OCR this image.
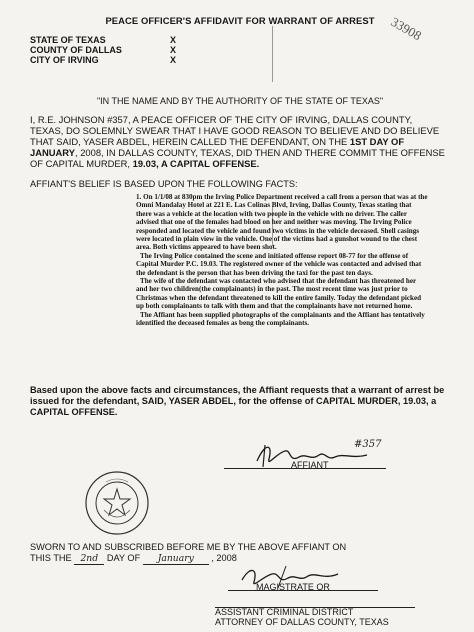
PEACE OFFICER'S AFFIDAVIT FOR WARRANT OF ARREST	33908
STATE OF TEXAS	X
COUNTY OF DALLAS	X
CITY OF IRVING	X
"IN THE NAME AND BY THE AUTHORITY OF THE STATE OF TEXAS"
I, R.E. JOHNSON #357, A PEACE OFFICER OF THE CITY OF IRVING, DALLAS COUNTY, TEXAS, DO SOLEMNLY SWEAR THAT I HAVE GOOD REASON TO BELIEVE AND DO BELIEVE THAT SAID, YASER ABDEL, HEREIN CALLED THE DEFENDANT, ON THE 1ST DAY OF JANUARY, 2008, IN DALLAS COUNTY, TEXAS, DID THEN AND THERE COMMIT THE OFFENSE OF CAPITAL MURDER, 19.03, A CAPITAL OFFENSE.
AFFIANT'S BELIEF IS BASED UPON THE FOLLOWING FACTS:

1. On 1/1/08 at 830pm the Irving Police Department received a call from a person that was at the Omni Mandalay Hotel at 221 E. Las Colinas Blvd, Irving, Dallas County, Texas stating that there was a vehicle at the location with two people in the vehicle with no driver. The caller advised that one of the females had blood on her and neither was moving. The Irving Police responded and located the vehicle and found two victims in the vehicle deceased. Shell casings were located in plain view in the vehicle. One of the victims had a gunshot wound to the chest area. Both victims appeared to have been shot.

The Irving Police contained the scene and initiated offense report 08-77 for the offense of Capital Murder P.C. 19.03. The registered owner of the vehicle was contacted and advised that the defendant is the person that has been driving the taxi for the past ten days.

The wife of the defendant was contacted who advised that the defendant has threatened her and her two children(the complainants) in the past. The most recent time was just prior to Christmas when the defendant threatened to kill the entire family. Today the defendant picked up both complainants to talk with them and that the complainants have not returned home.

The Affiant has been supplied photographs of the complainants and the Affiant has tentatively identified the deceased females as beng the complainants.

Based upon the above facts and circumstances, the Affiant requests that a warrant of arrest be issued for the defendant, SAID, YASER ABDEL, for the offense of CAPITAL MURDER, 19.03, a CAPITAL OFFENSE.
#357
AFFIANT
SWORN TO AND SUBSCRIBED BEFORE ME BY THE ABOVE AFFIANT ON
THIS THE 2nd DAY OF January , 2008
MAGISTRATE OR
ASSISTANT CRIMINAL DISTRICT
ATTORNEY OF DALLAS COUNTY, TEXAS
